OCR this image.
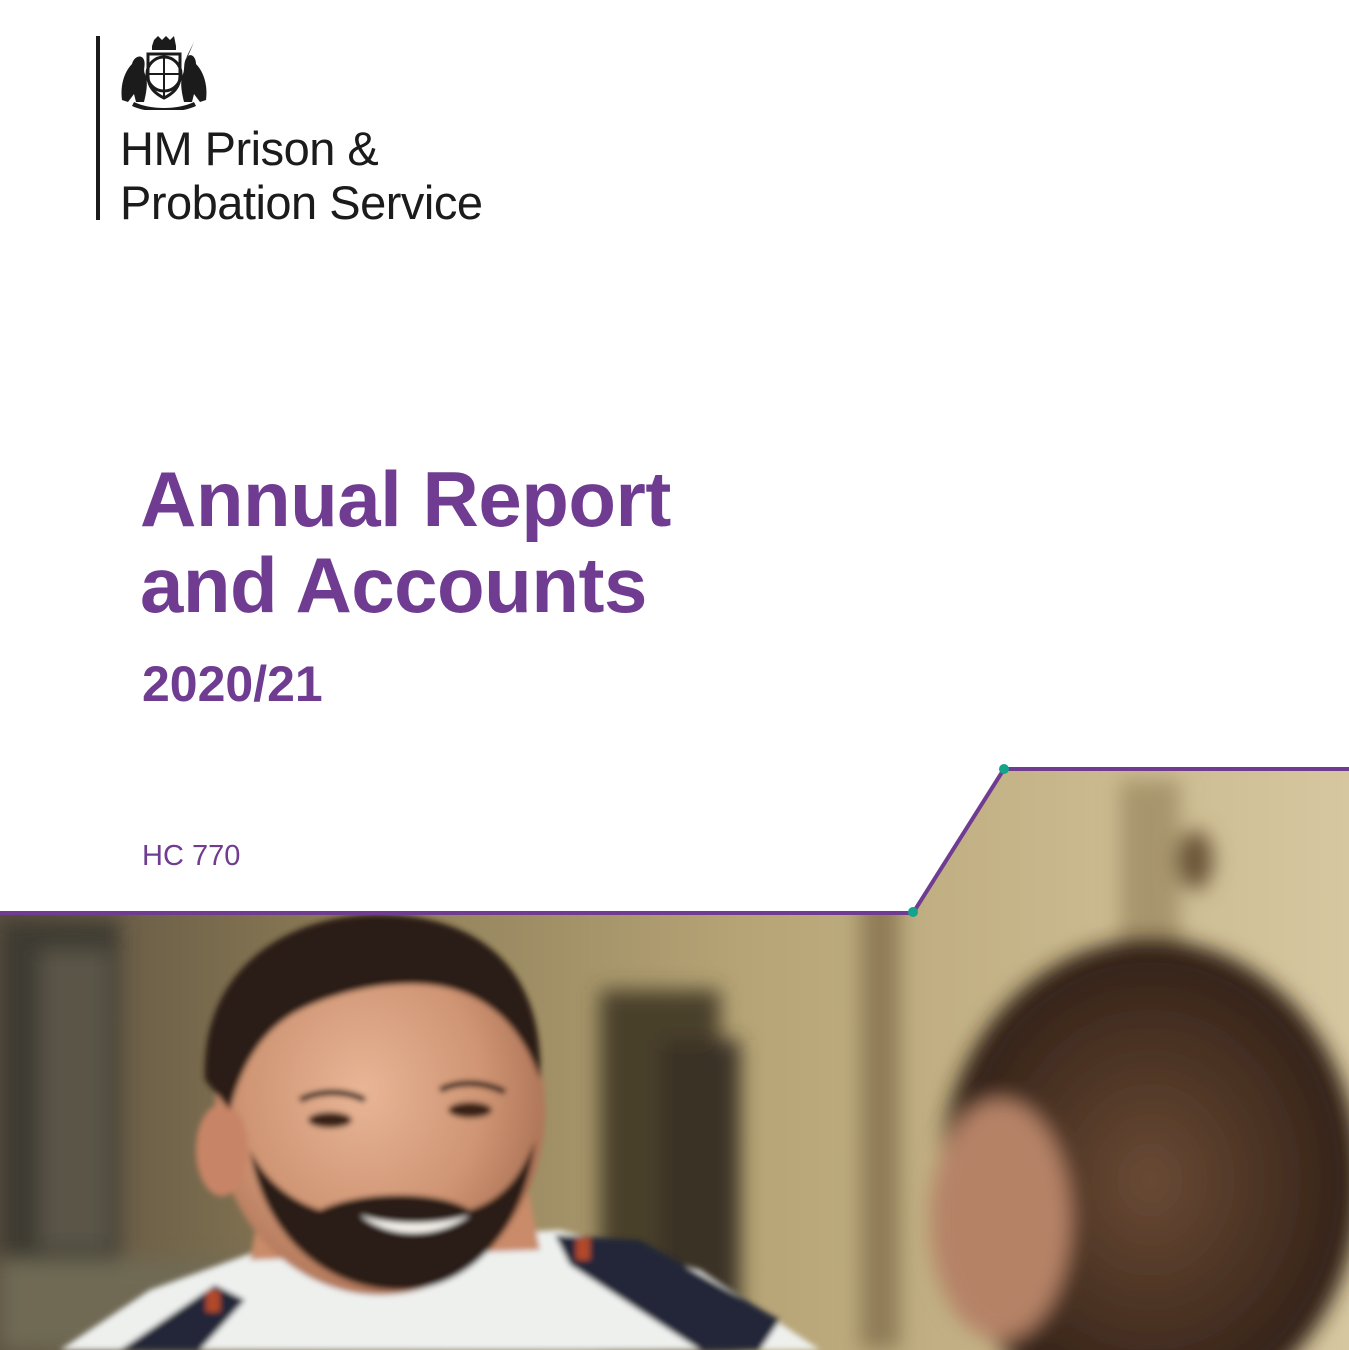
HM Prison &
Probation Service
Annual Report
and Accounts

2020/21

HC 770
